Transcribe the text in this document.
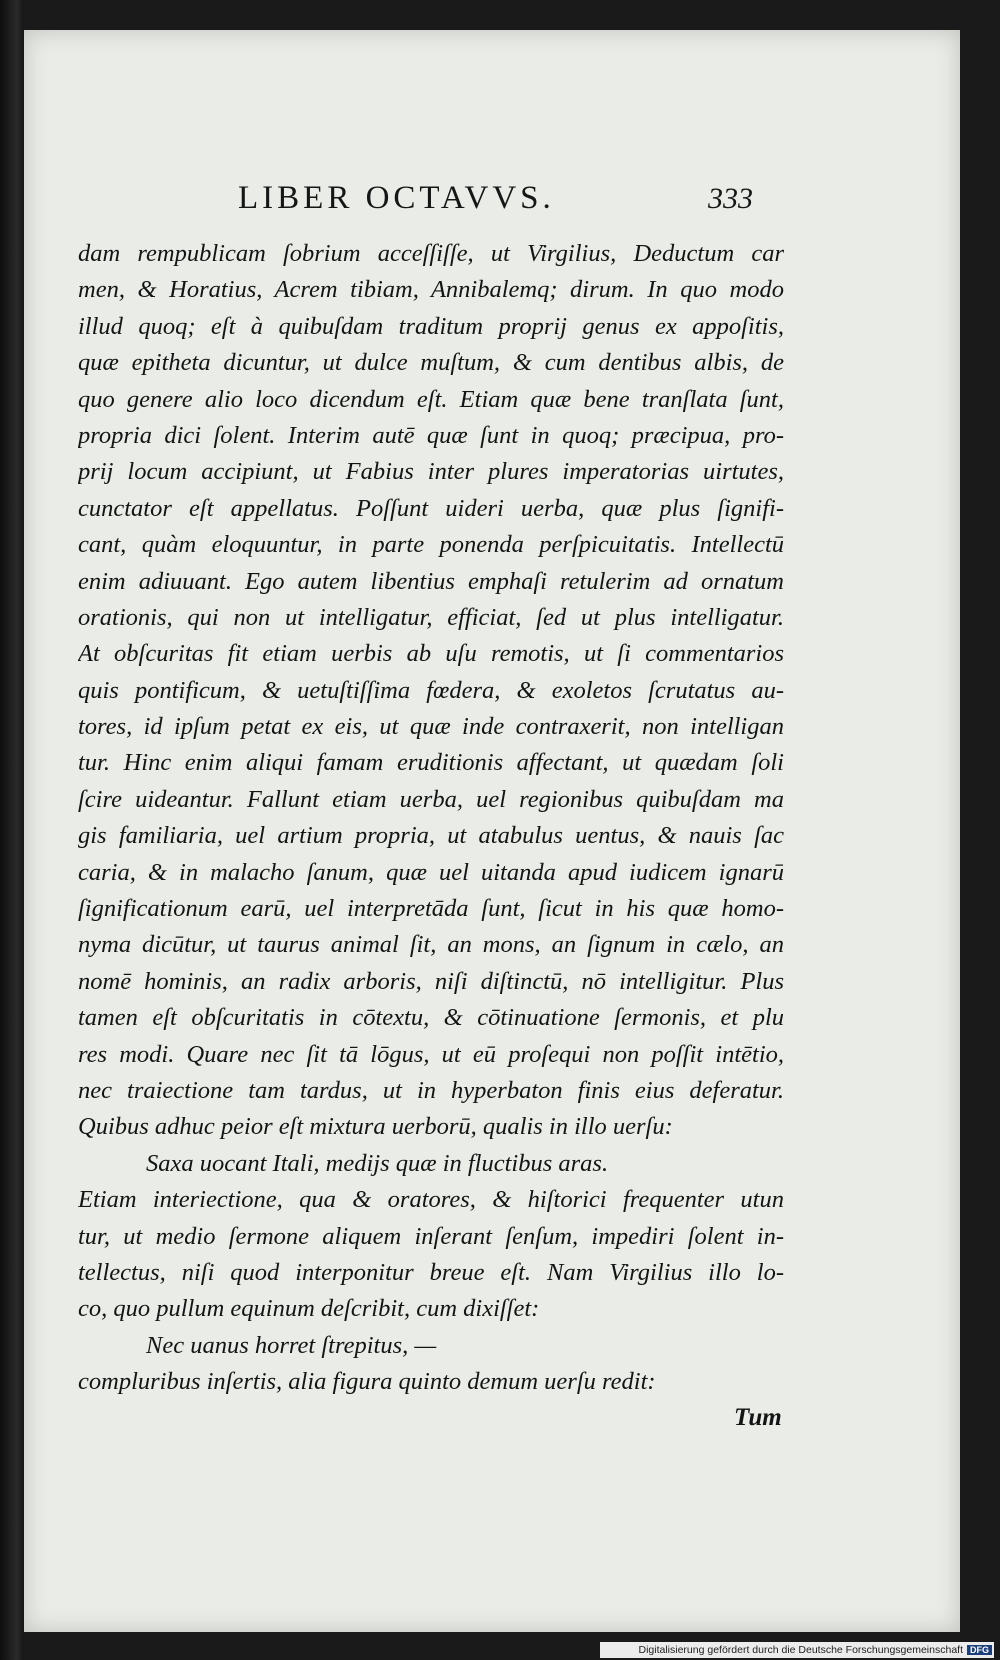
LIBER OCTAVVS.	333
dam rempublicam ſobrium acceſſiſſe, ut Virgilius, Deductum car
men, & Horatius, Acrem tibiam, Annibalemq; dirum. In quo modo
illud quoq; eſt à quibuſdam traditum proprij genus ex appoſitis,
quæ epitheta dicuntur, ut dulce muſtum, & cum dentibus albis, de
quo genere alio loco dicendum eſt. Etiam quæ bene tranſlata ſunt,
propria dici ſolent. Interim autē quæ ſunt in quoq; præcipua, pro-
prij locum accipiunt, ut Fabius inter plures imperatorias uirtutes,
cunctator eſt appellatus. Poſſunt uideri uerba, quæ plus ſignifi-
cant, quàm eloquuntur, in parte ponenda perſpicuitatis. Intellectū
enim adiuuant. Ego autem libentius emphaſi retulerim ad ornatum
orationis, qui non ut intelligatur, efficiat, ſed ut plus intelligatur.
At obſcuritas fit etiam uerbis ab uſu remotis, ut ſi commentarios
quis pontificum, & uetuſtiſſima fœdera, & exoletos ſcrutatus au-
tores, id ipſum petat ex eis, ut quæ inde contraxerit, non intelligan
tur. Hinc enim aliqui famam eruditionis affectant, ut quædam ſoli
ſcire uideantur. Fallunt etiam uerba, uel regionibus quibuſdam ma
gis familiaria, uel artium propria, ut atabulus uentus, & nauis ſac
caria, & in malacho ſanum, quæ uel uitanda apud iudicem ignarū
ſignificationum earū, uel interpretāda ſunt, ſicut in his quæ homo-
nyma dicūtur, ut taurus animal ſit, an mons, an ſignum in cælo, an
nomē hominis, an radix arboris, niſi diſtinctū, nō intelligitur. Plus
tamen eſt obſcuritatis in cōtextu, & cōtinuatione ſermonis, et plu
res modi. Quare nec ſit tā lōgus, ut eū proſequi non poſſit intētio,
nec traiectione tam tardus, ut in hyperbaton finis eius deferatur.
Quibus adhuc peior eſt mixtura uerborū, qualis in illo uerſu:
Saxa uocant Itali, medijs quæ in fluctibus aras.
Etiam interiectione, qua & oratores, & hiſtorici frequenter utun
tur, ut medio ſermone aliquem inſerant ſenſum, impediri ſolent in-
tellectus, niſi quod interponitur breue eſt. Nam Virgilius illo lo-
co, quo pullum equinum deſcribit, cum dixiſſet:
Nec uanus horret ſtrepitus, —
compluribus inſertis, alia figura quinto demum uerſu redit:
Tum
Digitalisierung gefördert durch die Deutsche Forschungsgemeinschaft DFG
